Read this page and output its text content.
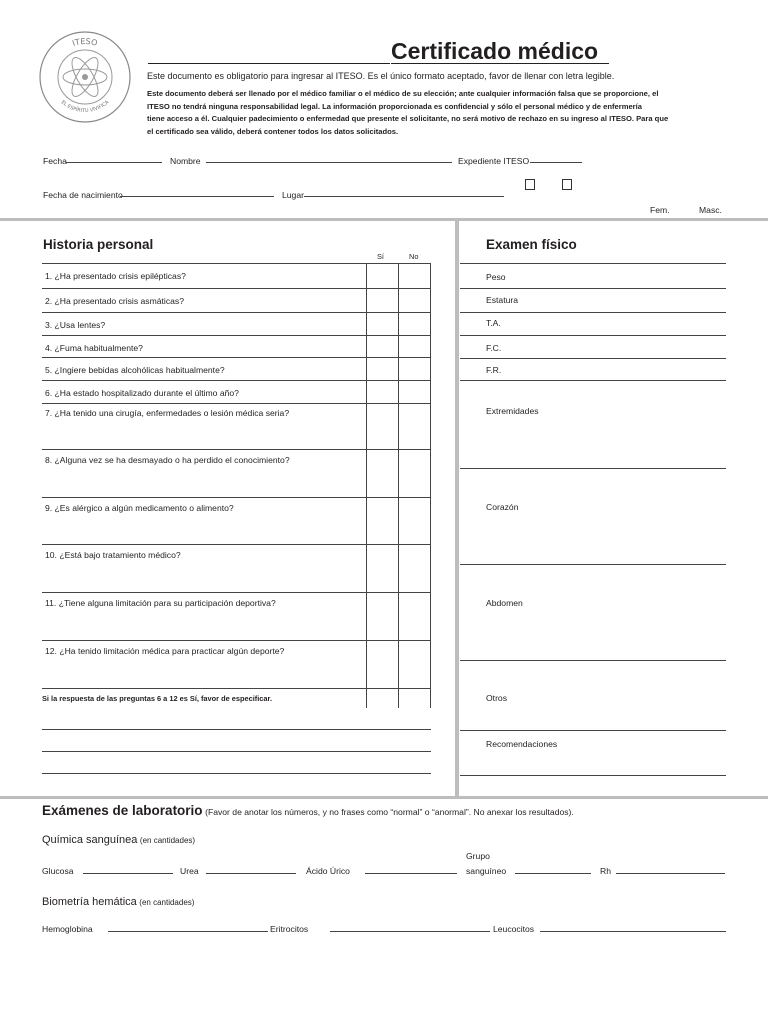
ITESO
EL ESPÍRITU VIVIFICA
Certificado médico
Este documento es obligatorio para ingresar al ITESO. Es el único formato aceptado, favor de llenar con letra legible.
Este documento deberá ser llenado por el médico familiar o el médico de su elección; ante cualquier información falsa que se proporcione, el
ITESO no tendrá ninguna responsabilidad legal. La información proporcionada es confidencial y sólo el personal médico y de enfermería
tiene acceso a él. Cualquier padecimiento o enfermedad que presente el solicitante, no será motivo de rechazo en su ingreso al ITESO. Para que
el certificado sea válido, deberá contener todos los datos solicitados.
Fecha	Nombre	Expediente ITESO
Fecha de nacimiento	Lugar
Fem.	Masc.
Historia personal
Sí	No
1. ¿Ha presentado crisis epilépticas?
2. ¿Ha presentado crisis asmáticas?
3. ¿Usa lentes?
4. ¿Fuma habitualmente?
5. ¿Ingiere bebidas alcohólicas habitualmente?
6. ¿Ha estado hospitalizado durante el último año?
7. ¿Ha tenido una cirugía, enfermedades o lesión médica seria?
8. ¿Alguna vez se ha desmayado o ha perdido el conocimiento?
9. ¿Es alérgico a algún medicamento o alimento?
10. ¿Está bajo tratamiento médico?
11. ¿Tiene alguna limitación para su participación deportiva?
12. ¿Ha tenido limitación médica para practicar algún deporte?
Si la respuesta de las preguntas 6 a 12 es Sí, favor de especificar.
Examen físico
Peso
Estatura
T.A.
F.C.
F.R.
Extremidades
Corazón
Abdomen
Otros
Recomendaciones
Exámenes de laboratorio (Favor de anotar los números, y no frases como “normal” o “anormal”. No anexar los resultados).
Química sanguínea (en cantidades)
Glucosa	Urea	Ácido Úrico
Grupo
sanguíneo	Rh
Biometría hemática (en cantidades)
Hemoglobina	Eritrocitos	Leucocitos
